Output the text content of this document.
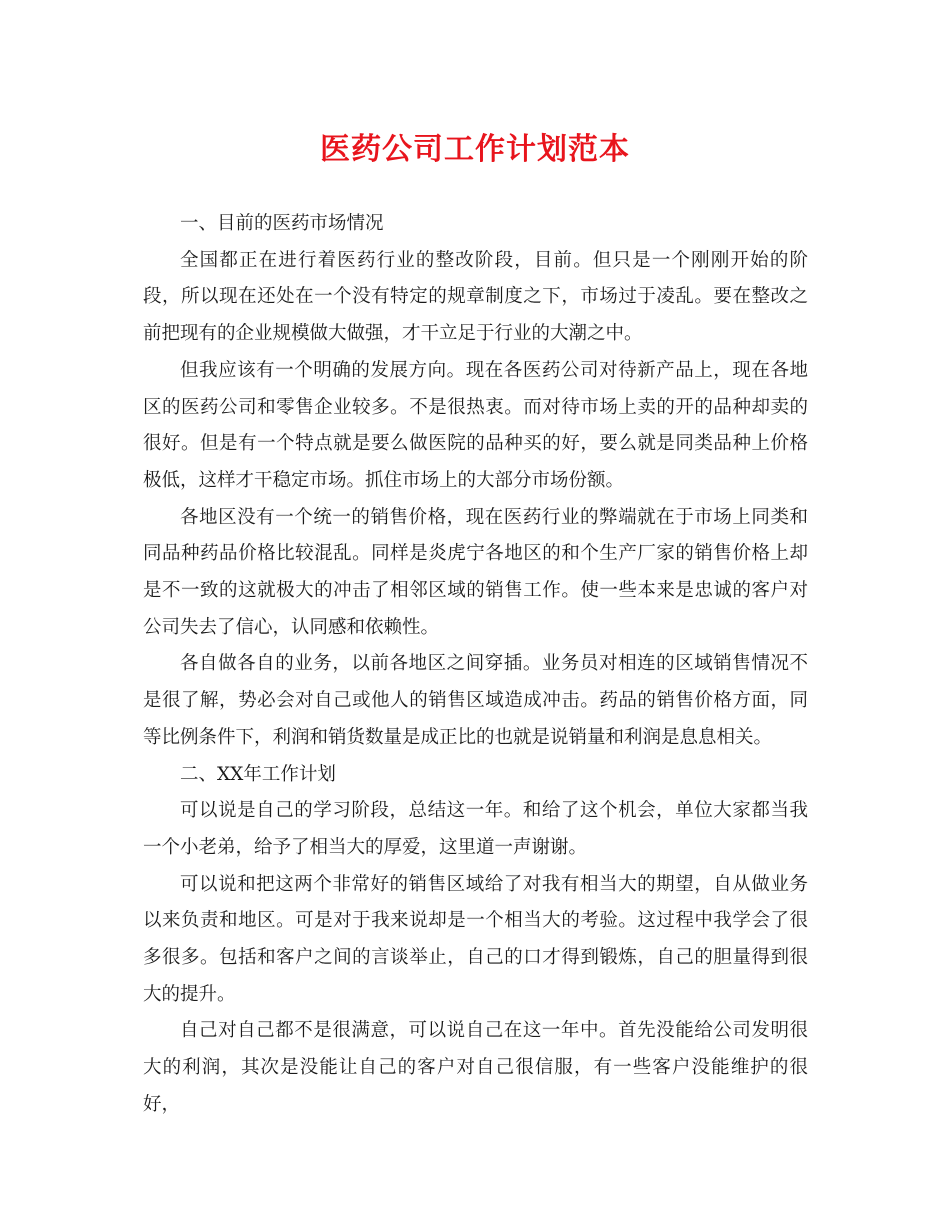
医药公司工作计划范本

一、目前的医药市场情况

全国都正在进行着医药行业的整改阶段，目前。但只是一个刚刚开始的阶段，所以现在还处在一个没有特定的规章制度之下，市场过于凌乱。要在整改之前把现有的企业规模做大做强，才干立足于行业的大潮之中。

但我应该有一个明确的发展方向。现在各医药公司对待新产品上，现在各地区的医药公司和零售企业较多。不是很热衷。而对待市场上卖的开的品种却卖的很好。但是有一个特点就是要么做医院的品种买的好，要么就是同类品种上价格极低，这样才干稳定市场。抓住市场上的大部分市场份额。

各地区没有一个统一的销售价格，现在医药行业的弊端就在于市场上同类和同品种药品价格比较混乱。同样是炎虎宁各地区的和个生产厂家的销售价格上却是不一致的这就极大的冲击了相邻区域的销售工作。使一些本来是忠诚的客户对公司失去了信心，认同感和依赖性。

各自做各自的业务，以前各地区之间穿插。业务员对相连的区域销售情况不是很了解，势必会对自己或他人的销售区域造成冲击。药品的销售价格方面，同等比例条件下，利润和销货数量是成正比的也就是说销量和利润是息息相关。

二、XX年工作计划

可以说是自己的学习阶段，总结这一年。和给了这个机会，单位大家都当我一个小老弟，给予了相当大的厚爱，这里道一声谢谢。

可以说和把这两个非常好的销售区域给了对我有相当大的期望，自从做业务以来负责和地区。可是对于我来说却是一个相当大的考验。这过程中我学会了很多很多。包括和客户之间的言谈举止，自己的口才得到锻炼，自己的胆量得到很大的提升。

自己对自己都不是很满意，可以说自己在这一年中。首先没能给公司发明很大的利润，其次是没能让自己的客户对自己很信服，有一些客户没能维护的很好，
